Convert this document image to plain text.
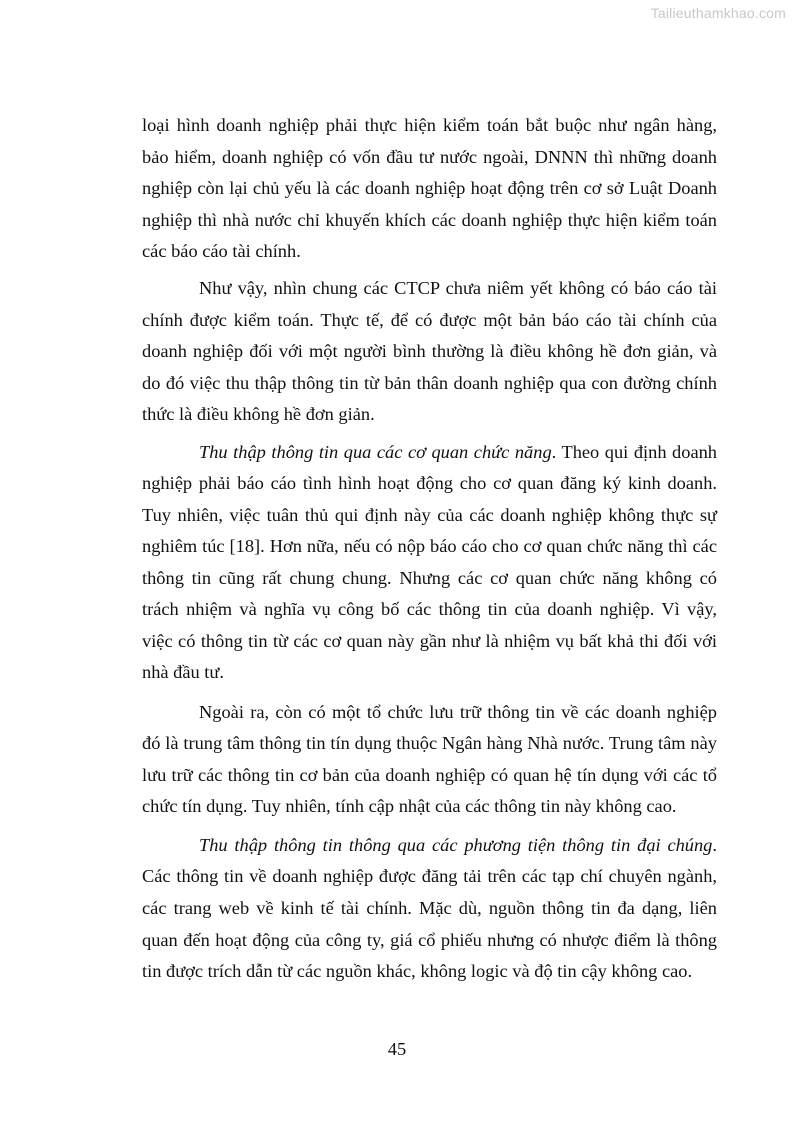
Tailieuthamkhao.com
loại hình doanh nghiệp phải thực hiện kiểm toán bắt buộc như ngân hàng,
bảo hiểm, doanh nghiệp có vốn đầu tư nước ngoài, DNNN thì những doanh
nghiệp còn lại chủ yếu là các doanh nghiệp hoạt động trên cơ sở Luật Doanh
nghiệp thì nhà nước chỉ khuyến khích các doanh nghiệp thực hiện kiểm toán
các báo cáo tài chính.
Như vậy, nhìn chung các CTCP chưa niêm yết không có báo cáo tài
chính được kiểm toán. Thực tế, để có được một bản báo cáo tài chính của
doanh nghiệp đối với một người bình thường là điều không hề đơn giản, và
do đó việc thu thập thông tin từ bản thân doanh nghiệp qua con đường chính
thức là điều không hề đơn giản.
Thu thập thông tin qua các cơ quan chức năng. Theo qui định doanh
nghiệp phải báo cáo tình hình hoạt động cho cơ quan đăng ký kinh doanh.
Tuy nhiên, việc tuân thủ qui định này của các doanh nghiệp không thực sự
nghiêm túc [18]. Hơn nữa, nếu có nộp báo cáo cho cơ quan chức năng thì các
thông tin cũng rất chung chung. Nhưng các cơ quan chức năng không có
trách nhiệm và nghĩa vụ công bố các thông tin của doanh nghiệp. Vì vậy,
việc có thông tin từ các cơ quan này gần như là nhiệm vụ bất khả thi đối với
nhà đầu tư.
Ngoài ra, còn có một tổ chức lưu trữ thông tin về các doanh nghiệp
đó là trung tâm thông tin tín dụng thuộc Ngân hàng Nhà nước. Trung tâm này
lưu trữ các thông tin cơ bản của doanh nghiệp có quan hệ tín dụng với các tổ
chức tín dụng. Tuy nhiên, tính cập nhật của các thông tin này không cao.
Thu thập thông tin thông qua các phương tiện thông tin đại chúng.
Các thông tin về doanh nghiệp được đăng tải trên các tạp chí chuyên ngành,
các trang web về kinh tế tài chính. Mặc dù, nguồn thông tin đa dạng, liên
quan đến hoạt động của công ty, giá cổ phiếu nhưng có nhược điểm là thông
tin được trích dẫn từ các nguồn khác, không logic và độ tin cậy không cao.
45
